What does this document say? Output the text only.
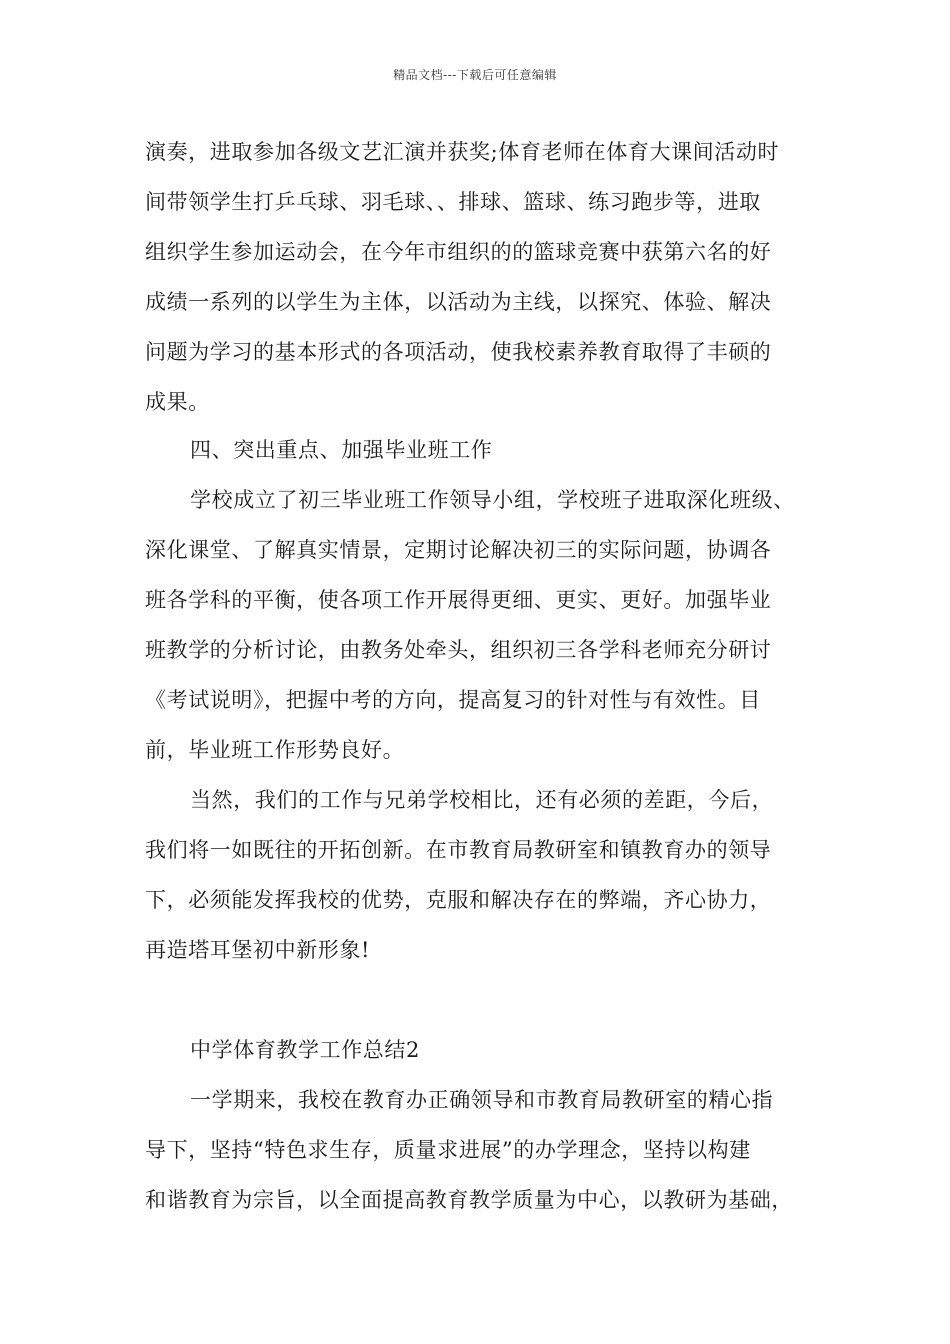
精品文档---下载后可任意编辑
演奏，进取参加各级文艺汇演并获奖;体育老师在体育大课间活动时
间带领学生打乒乓球、羽毛球、、排球、篮球、练习跑步等，进取
组织学生参加运动会，在今年市组织的的篮球竞赛中获第六名的好
成绩一系列的以学生为主体，以活动为主线，以探究、体验、解决
问题为学习的基本形式的各项活动，使我校素养教育取得了丰硕的
成果。
四、突出重点、加强毕业班工作
学校成立了初三毕业班工作领导小组，学校班子进取深化班级、
深化课堂、了解真实情景，定期讨论解决初三的实际问题，协调各
班各学科的平衡，使各项工作开展得更细、更实、更好。加强毕业
班教学的分析讨论，由教务处牵头，组织初三各学科老师充分研讨
《考试说明》，把握中考的方向，提高复习的针对性与有效性。目
前，毕业班工作形势良好。
当然，我们的工作与兄弟学校相比，还有必须的差距，今后，
我们将一如既往的开拓创新。在市教育局教研室和镇教育办的领导
下，必须能发挥我校的优势，克服和解决存在的弊端，齐心协力，
再造塔耳堡初中新形象!
中学体育教学工作总结2
一学期来，我校在教育办正确领导和市教育局教研室的精心指
导下，坚持“特色求生存，质量求进展”的办学理念，坚持以构建
和谐教育为宗旨，以全面提高教育教学质量为中心，以教研为基础，
